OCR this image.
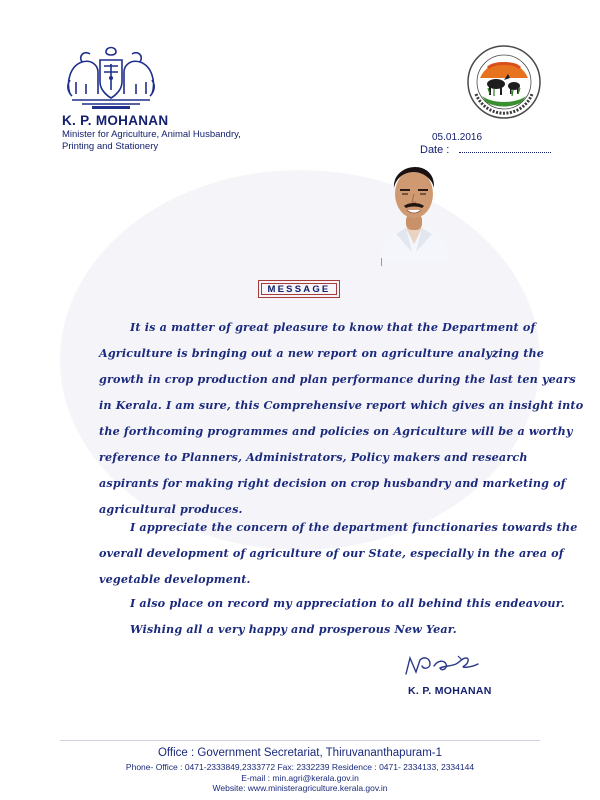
K. P. MOHANAN
Minister for Agriculture, Animal Husbandry,
Printing and Stationery
05.01.2016
Date :
MESSAGE
It is a matter of great pleasure to know that the Department of
Agriculture is bringing out a new report on agriculture analyzing the
growth in crop production and plan performance during the last ten years
in Kerala. I am sure, this Comprehensive report which gives an insight into
the forthcoming programmes and policies on Agriculture will be a worthy
reference to Planners, Administrators, Policy makers and research
aspirants for making right decision on crop husbandry and marketing of
agricultural produces.
I appreciate the concern of the department functionaries towards the
overall development of agriculture of our State, especially in the area of
vegetable development.
I also place on record my appreciation to all behind this endeavour.
Wishing all a very happy and prosperous New Year.
K. P. MOHANAN
Office : Government Secretariat, Thiruvananthapuram-1
Phone- Office : 0471-2333849,2333772 Fax: 2332239 Residence : 0471- 2334133, 2334144
E-mail : min.agri@kerala.gov.in
Website: www.ministeragriculture.kerala.gov.in
